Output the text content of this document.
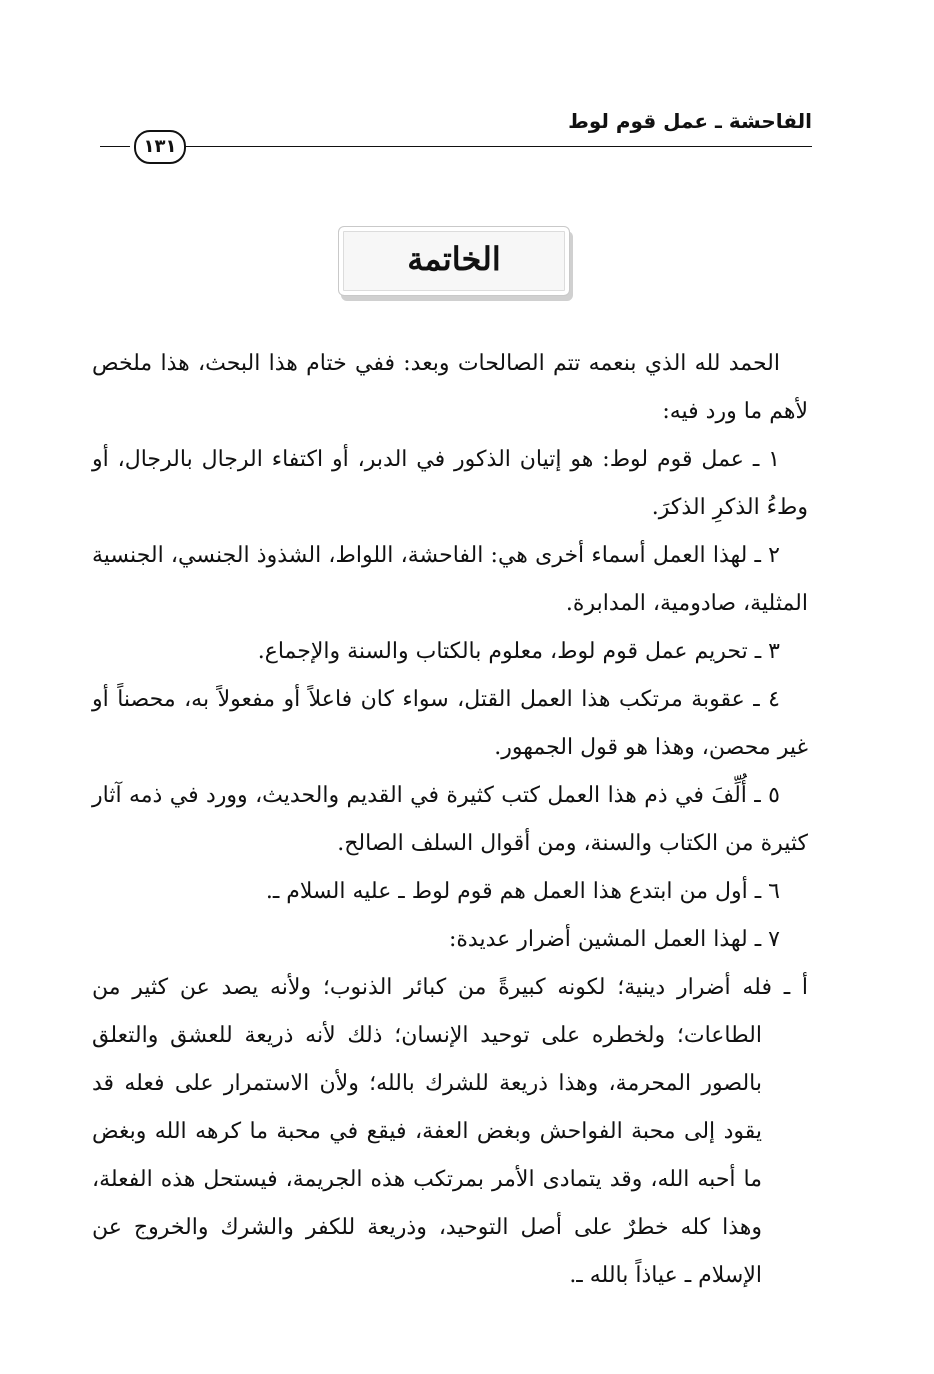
الفاحشة ـ عمل قوم لوط
١٣١
الخاتمة

الحمد لله الذي بنعمه تتم الصالحات وبعد: ففي ختام هذا البحث، هذا ملخص لأهم ما ورد فيه:

١ ـ عمل قوم لوط: هو إتيان الذكور في الدبر، أو اكتفاء الرجال بالرجال، أو وطءُ الذكرِ الذكرَ.

٢ ـ لهذا العمل أسماء أخرى هي: الفاحشة، اللواط، الشذوذ الجنسي، الجنسية المثلية، صادومية، المدابرة.

٣ ـ تحريم عمل قوم لوط، معلوم بالكتاب والسنة والإجماع.

٤ ـ عقوبة مرتكب هذا العمل القتل، سواء كان فاعلاً أو مفعولاً به، محصناً أو غير محصن، وهذا هو قول الجمهور.

٥ ـ أُلِّفَ في ذم هذا العمل كتب كثيرة في القديم والحديث، وورد في ذمه آثار كثيرة من الكتاب والسنة، ومن أقوال السلف الصالح.

٦ ـ أول من ابتدع هذا العمل هم قوم لوط ـ عليه السلام ـ.

٧ ـ لهذا العمل المشين أضرار عديدة:

أ ـ فله أضرار دينية؛ لكونه كبيرةً من كبائر الذنوب؛ ولأنه يصد عن كثير من الطاعات؛ ولخطره على توحيد الإنسان؛ ذلك لأنه ذريعة للعشق والتعلق بالصور المحرمة، وهذا ذريعة للشرك بالله؛ ولأن الاستمرار على فعله قد يقود إلى محبة الفواحش وبغض العفة، فيقع في محبة ما كرهه الله وبغض ما أحبه الله، وقد يتمادى الأمر بمرتكب هذه الجريمة، فيستحل هذه الفعلة، وهذا كله خطرٌ على أصل التوحيد، وذريعة للكفر والشرك والخروج عن الإسلام ـ عياذاً بالله ـ.
